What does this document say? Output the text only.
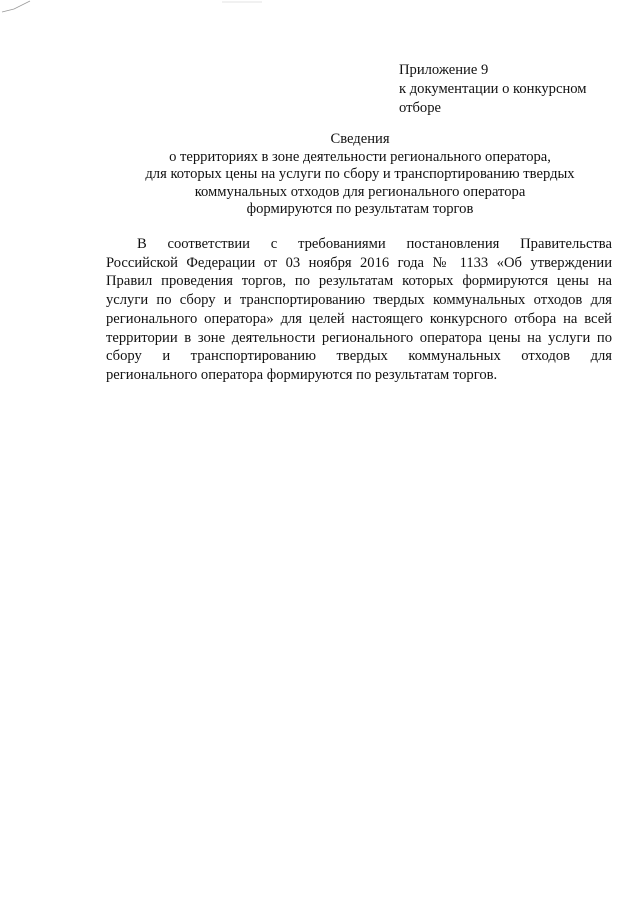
Приложение 9
к документации о конкурсном
отборе
Сведения
о территориях в зоне деятельности регионального оператора,
для которых цены на услуги по сбору и транспортированию твердых
коммунальных отходов для регионального оператора
формируются по результатам торгов
В соответствии с требованиями постановления Правительства
Российской Федерации от 03 ноября 2016 года № 1133 «Об утверждении
Правил проведения торгов, по результатам которых формируются цены на
услуги по сбору и транспортированию твердых коммунальных отходов для
регионального оператора» для целей настоящего конкурсного отбора на всей
территории в зоне деятельности регионального оператора цены на услуги по
сбору и транспортированию твердых коммунальных отходов для
регионального оператора формируются по результатам торгов.
